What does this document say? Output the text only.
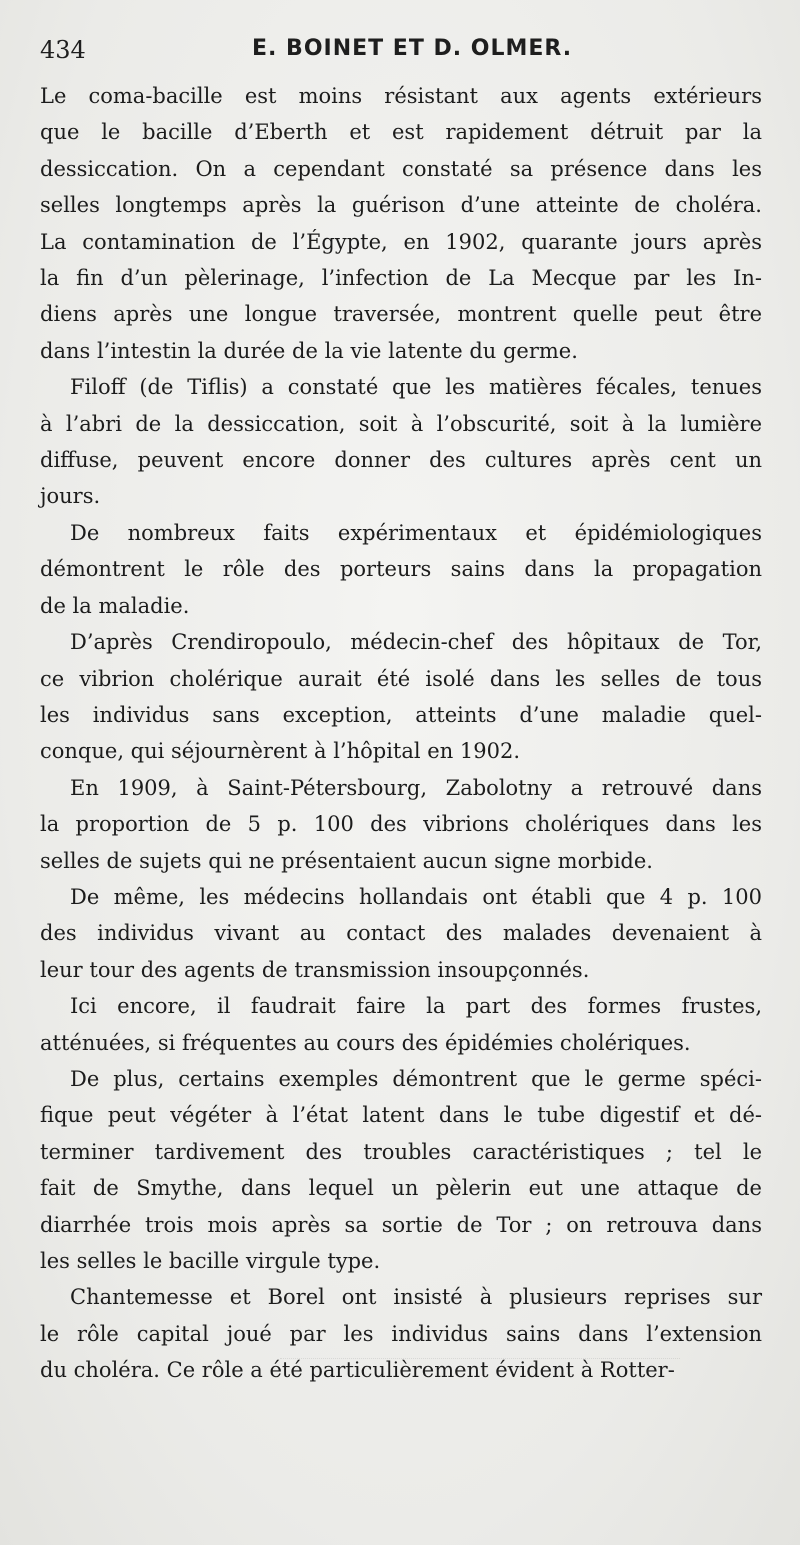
434	E. BOINET ET D. OLMER.
Le coma-bacille est moins résistant aux agents extérieurs
que le bacille d’Eberth et est rapidement détruit par la
dessiccation. On a cependant constaté sa présence dans les
selles longtemps après la guérison d’une atteinte de choléra.
La contamination de l’Égypte, en 1902, quarante jours après
la fin d’un pèlerinage, l’infection de La Mecque par les In-
diens après une longue traversée, montrent quelle peut être
dans l’intestin la durée de la vie latente du germe.
Filoff (de Tiflis) a constaté que les matières fécales, tenues
à l’abri de la dessiccation, soit à l’obscurité, soit à la lumière
diffuse, peuvent encore donner des cultures après cent un
jours.
De nombreux faits expérimentaux et épidémiologiques
démontrent le rôle des porteurs sains dans la propagation
de la maladie.
D’après Crendiropoulo, médecin-chef des hôpitaux de Tor,
ce vibrion cholérique aurait été isolé dans les selles de tous
les individus sans exception, atteints d’une maladie quel-
conque, qui séjournèrent à l’hôpital en 1902.
En 1909, à Saint-Pétersbourg, Zabolotny a retrouvé dans
la proportion de 5 p. 100 des vibrions cholériques dans les
selles de sujets qui ne présentaient aucun signe morbide.
De même, les médecins hollandais ont établi que 4 p. 100
des individus vivant au contact des malades devenaient à
leur tour des agents de transmission insoupçonnés.
Ici encore, il faudrait faire la part des formes frustes,
atténuées, si fréquentes au cours des épidémies cholériques.
De plus, certains exemples démontrent que le germe spéci-
fique peut végéter à l’état latent dans le tube digestif et dé-
terminer tardivement des troubles caractéristiques ; tel le
fait de Smythe, dans lequel un pèlerin eut une attaque de
diarrhée trois mois après sa sortie de Tor ; on retrouva dans
les selles le bacille virgule type.
Chantemesse et Borel ont insisté à plusieurs reprises sur
le rôle capital joué par les individus sains dans l’extension
du choléra. Ce rôle a été particulièrement évident à Rotter-
